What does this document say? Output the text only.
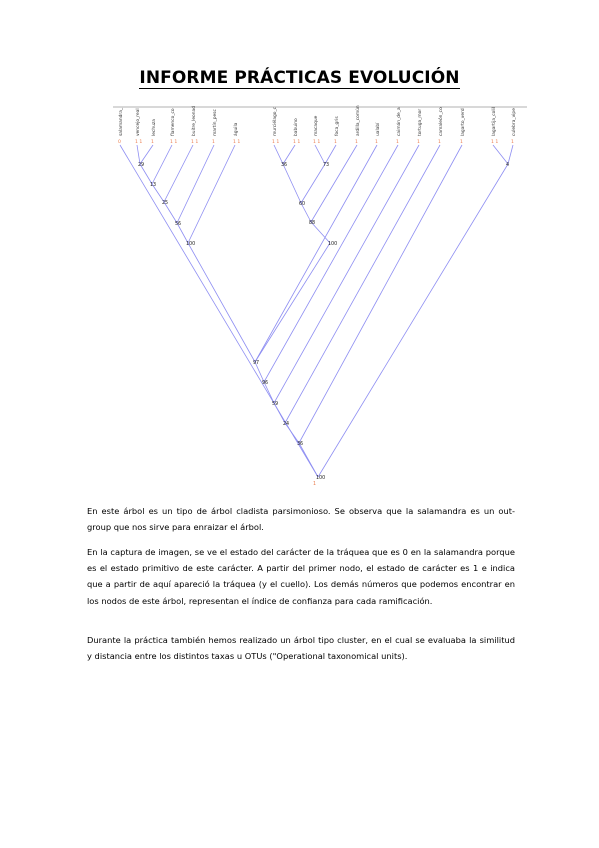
INFORME PRÁCTICAS EVOLUCIÓN
salamandra_	vencejo_real	lechuza	flamenco_co	buitre_leonad	martín_pesc	águila	murciélago_c	babuino	macaque	foca_gris	ardilla_común	ualabí	caimán_de_a	tortuga_mor	camaleón_co	lagarto_verd	lagartija_colil	culebra_vipe
0	1 1 1	1 1	1 1	1	1 1	1 1	1 1	1 1	1	1	1	1	1	1	1	1 1	1
1
29
13
25
56
100
36	73
60
88
100
4
97
96
59
24
36
100
En este árbol es un tipo de árbol cladista parsimonioso. Se observa que la salamandra es un out-group que nos sirve para enraizar el árbol.
En la captura de imagen, se ve el estado del carácter de la tráquea que es 0 en la salamandra porque es el estado primitivo de este carácter. A partir del primer nodo, el estado de carácter es 1 e indica que a partir de aquí apareció la tráquea (y el cuello). Los demás números que podemos encontrar en los nodos de este árbol, representan el índice de confianza para cada ramificación.
Durante la práctica también hemos realizado un árbol tipo cluster, en el cual se evaluaba la similitud y distancia entre los distintos taxas u OTUs ("Operational taxonomical units).
